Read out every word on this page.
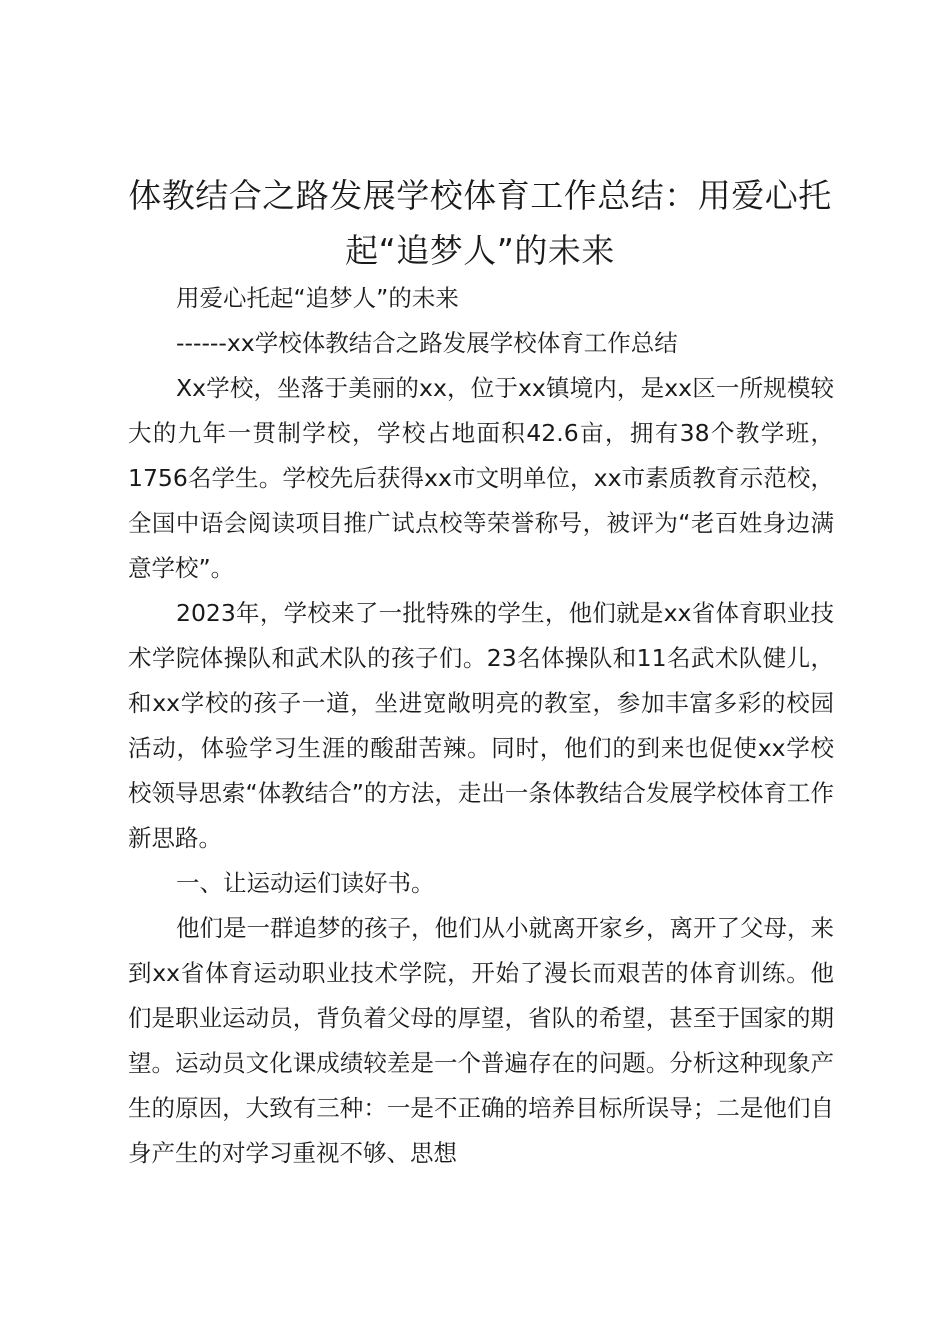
体教结合之路发展学校体育工作总结：用爱心托起“追梦人”的未来

用爱心托起“追梦人”的未来

------xx学校体教结合之路发展学校体育工作总结

Xx学校，坐落于美丽的xx，位于xx镇境内，是xx区一所规模较大的九年一贯制学校，学校占地面积42.6亩，拥有38个教学班，1756名学生。学校先后获得xx市文明单位，xx市素质教育示范校，全国中语会阅读项目推广试点校等荣誉称号，被评为“老百姓身边满意学校”。

2023年，学校来了一批特殊的学生，他们就是xx省体育职业技术学院体操队和武术队的孩子们。23名体操队和11名武术队健儿，和xx学校的孩子一道，坐进宽敞明亮的教室，参加丰富多彩的校园活动，体验学习生涯的酸甜苦辣。同时，他们的到来也促使xx学校校领导思索“体教结合”的方法，走出一条体教结合发展学校体育工作新思路。

一、让运动运们读好书。

他们是一群追梦的孩子，他们从小就离开家乡，离开了父母，来到xx省体育运动职业技术学院，开始了漫长而艰苦的体育训练。他们是职业运动员，背负着父母的厚望，省队的希望，甚至于国家的期望。运动员文化课成绩较差是一个普遍存在的问题。分析这种现象产生的原因，大致有三种：一是不正确的培养目标所误导；二是他们自身产生的对学习重视不够、思想
